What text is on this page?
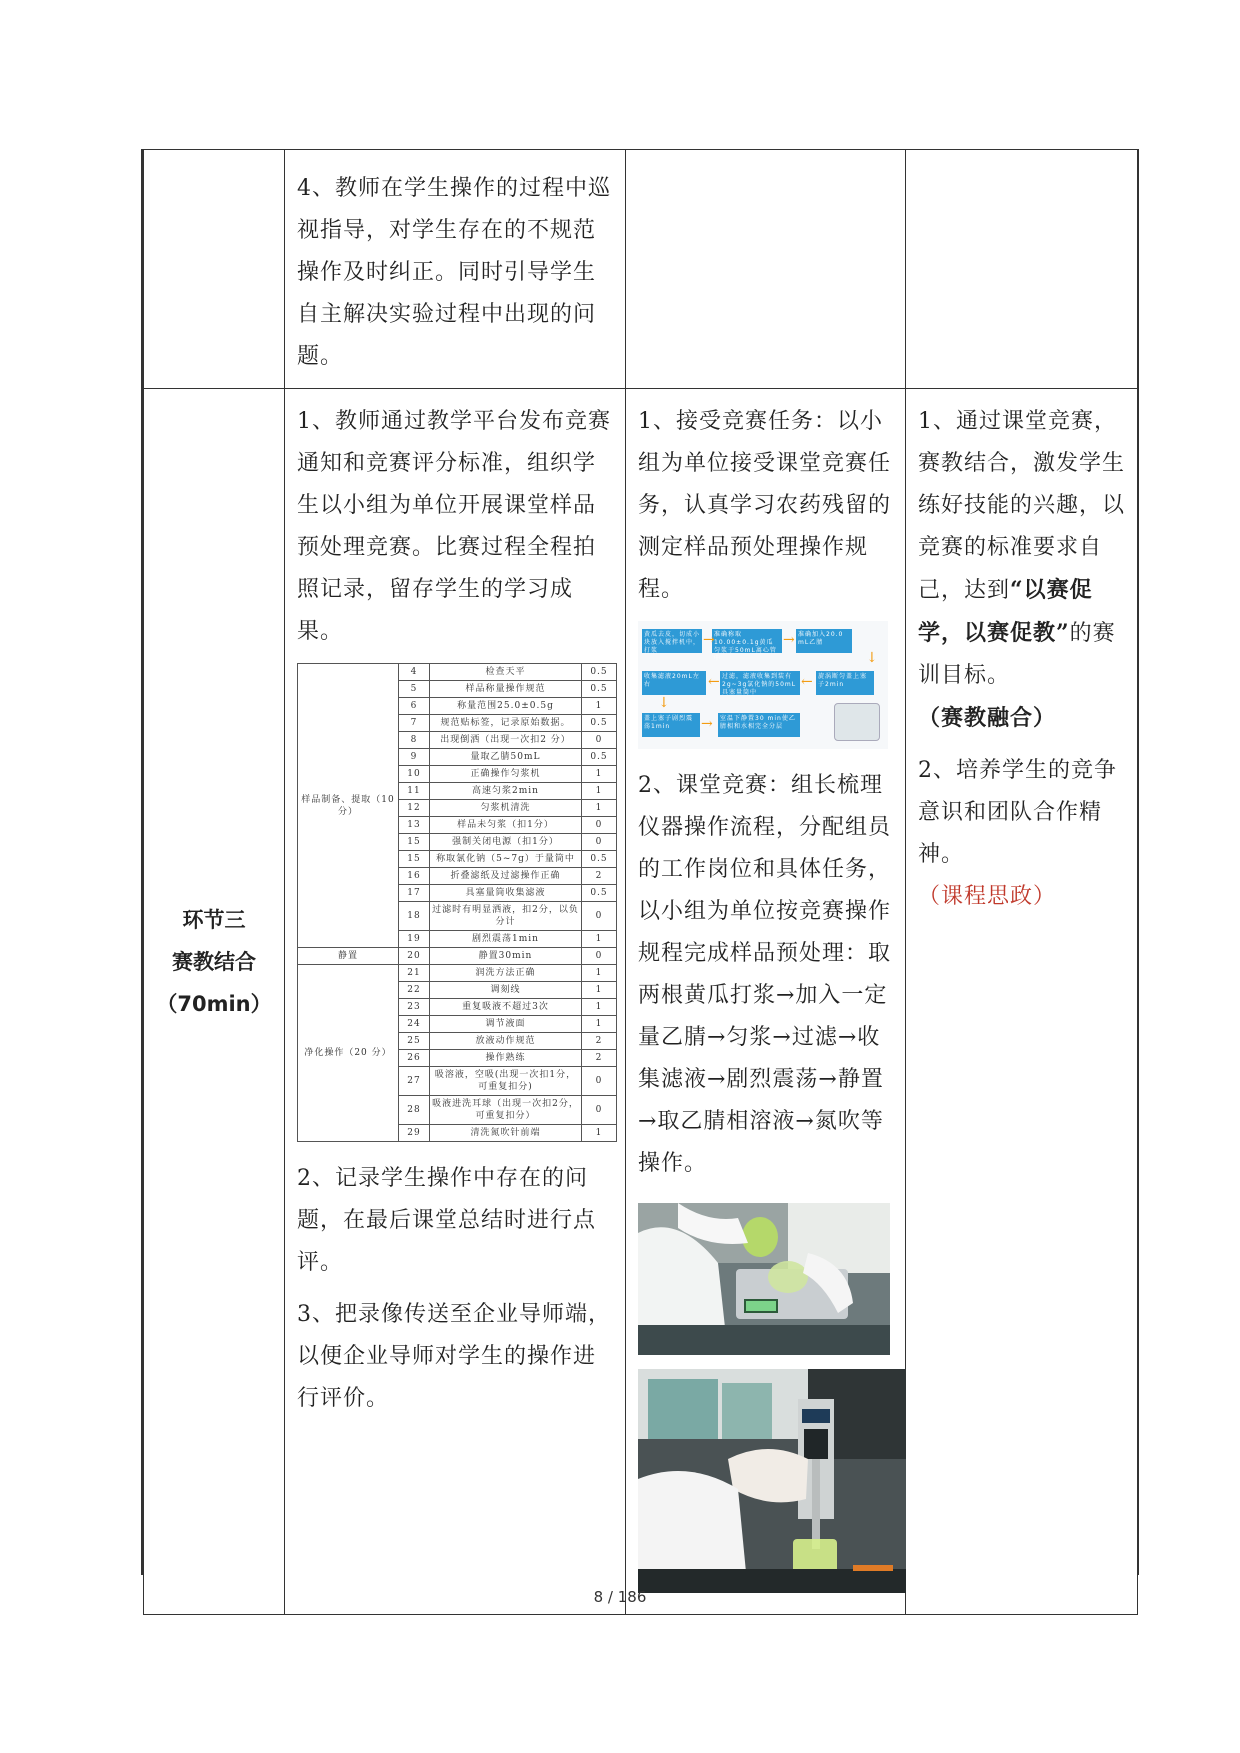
4、教师在学生操作的过程中巡视指导，对学生存在的不规范操作及时纠正。同时引导学生自主解决实验过程中出现的问题。

环节三
赛教结合
（70min）

1、教师通过教学平台发布竞赛通知和竞赛评分标准，组织学生以小组为单位开展课堂样品预处理竞赛。比赛过程全程拍照记录，留存学生的学习成果。

样品制备、提取（10 分）	4	检查天平	0.5
5	样品称量操作规范	0.5
6	称量范围25.0±0.5g	1
7	规范贴标签，记录原始数据。	0.5
8	出现倒洒（出现一次扣2 分）	0
9	量取乙腈50mL	0.5
10	正确操作匀浆机	1
11	高速匀浆2min	1
12	匀浆机清洗	1
13	样品未匀浆（扣1分）	0
15	强制关闭电源（扣1分）	0
15	称取氯化钠（5~7g）于量筒中	0.5
16	折叠滤纸及过滤操作正确	2
17	具塞量筒收集滤液	0.5
18	过滤时有明显洒液，扣2分，以负分计	0
19	剧烈震荡1min	1
静置	20	静置30min	0
净化操作（20 分）	21	润洗方法正确	1
22	调刻线	1
23	重复吸液不超过3次	1
24	调节液面	1
25	放液动作规范	2
26	操作熟练	2
27	吸溶液，空吸(出现一次扣1分，可重复扣分)	0
28	吸液进洗耳球（出现一次扣2分，可重复扣分）	0
29	清洗氮吹针前端	1

2、记录学生操作中存在的问题，在最后课堂总结时进行点评。

3、把录像传送至企业导师端，以便企业导师对学生的操作进行评价。

1、接受竞赛任务：以小组为单位接受课堂竞赛任务，认真学习农药残留的测定样品预处理操作规程。

黄瓜去皮，切成小块放入搅拌机中，打浆
准确称取10.00±0.1g黄瓜匀浆于50mL离心管中
准确加入20.0 mL乙腈
收集滤液20mL左右
过滤，滤液收集到装有2g~3g氯化钠的50mL具塞量筒中
旋涡断匀盖上塞子2min
盖上塞子剧烈震荡1min
室温下静置30 min使乙腈相和水相完全分层
→	→
↓
←	←
↓
→

2、课堂竞赛：组长梳理仪器操作流程，分配组员的工作岗位和具体任务，以小组为单位按竞赛操作规程完成样品预处理：取两根黄瓜打浆→加入一定量乙腈→匀浆→过滤→收集滤液→剧烈震荡→静置→取乙腈相溶液→氮吹等操作。

1、通过课堂竞赛，赛教结合，激发学生练好技能的兴趣，以竞赛的标准要求自己，达到“以赛促学，以赛促教”的赛训目标。
（赛教融合）

2、培养学生的竞争意识和团队合作精神。
（课程思政）

8 / 186
